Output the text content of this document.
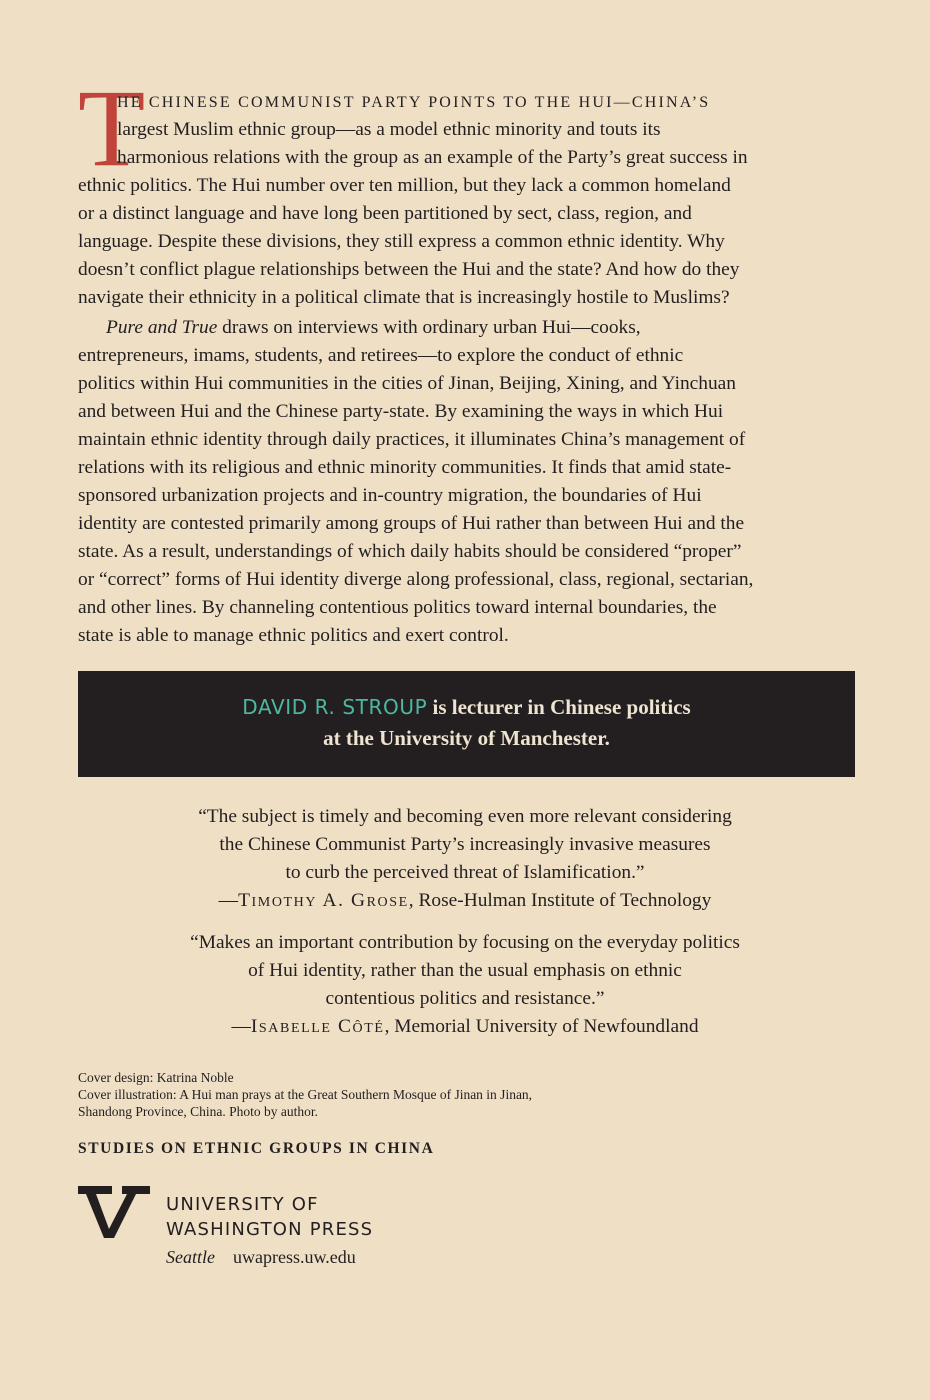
T
HE CHINESE COMMUNIST PARTY POINTS TO THE HUI—CHINA’S
largest Muslim ethnic group—as a model ethnic minority and touts its
harmonious relations with the group as an example of the Party’s great success in
ethnic politics. The Hui number over ten million, but they lack a common homeland
or a distinct language and have long been partitioned by sect, class, region, and
language. Despite these divisions, they still express a common ethnic identity. Why
doesn’t conflict plague relationships between the Hui and the state? And how do they
navigate their ethnicity in a political climate that is increasingly hostile to Muslims?
Pure and True draws on interviews with ordinary urban Hui—cooks,
entrepreneurs, imams, students, and retirees—to explore the conduct of ethnic
politics within Hui communities in the cities of Jinan, Beijing, Xining, and Yinchuan
and between Hui and the Chinese party-state. By examining the ways in which Hui
maintain ethnic identity through daily practices, it illuminates China’s management of
relations with its religious and ethnic minority communities. It finds that amid state-
sponsored urbanization projects and in-country migration, the boundaries of Hui
identity are contested primarily among groups of Hui rather than between Hui and the
state. As a result, understandings of which daily habits should be considered “proper”
or “correct” forms of Hui identity diverge along professional, class, regional, sectarian,
and other lines. By channeling contentious politics toward internal boundaries, the
state is able to manage ethnic politics and exert control.
DAVID R. STROUP is lecturer in Chinese politics
at the University of Manchester.
“The subject is timely and becoming even more relevant considering
the Chinese Communist Party’s increasingly invasive measures
to curb the perceived threat of Islamification.”
—Timothy A. Grose, Rose-Hulman Institute of Technology
“Makes an important contribution by focusing on the everyday politics
of Hui identity, rather than the usual emphasis on ethnic
contentious politics and resistance.”
—Isabelle Côté, Memorial University of Newfoundland
Cover design: Katrina Noble
Cover illustration: A Hui man prays at the Great Southern Mosque of Jinan in Jinan,
Shandong Province, China. Photo by author.
STUDIES ON ETHNIC GROUPS IN CHINA
UNIVERSITY OF
WASHINGTON PRESS
Seattle uwapress.uw.edu
